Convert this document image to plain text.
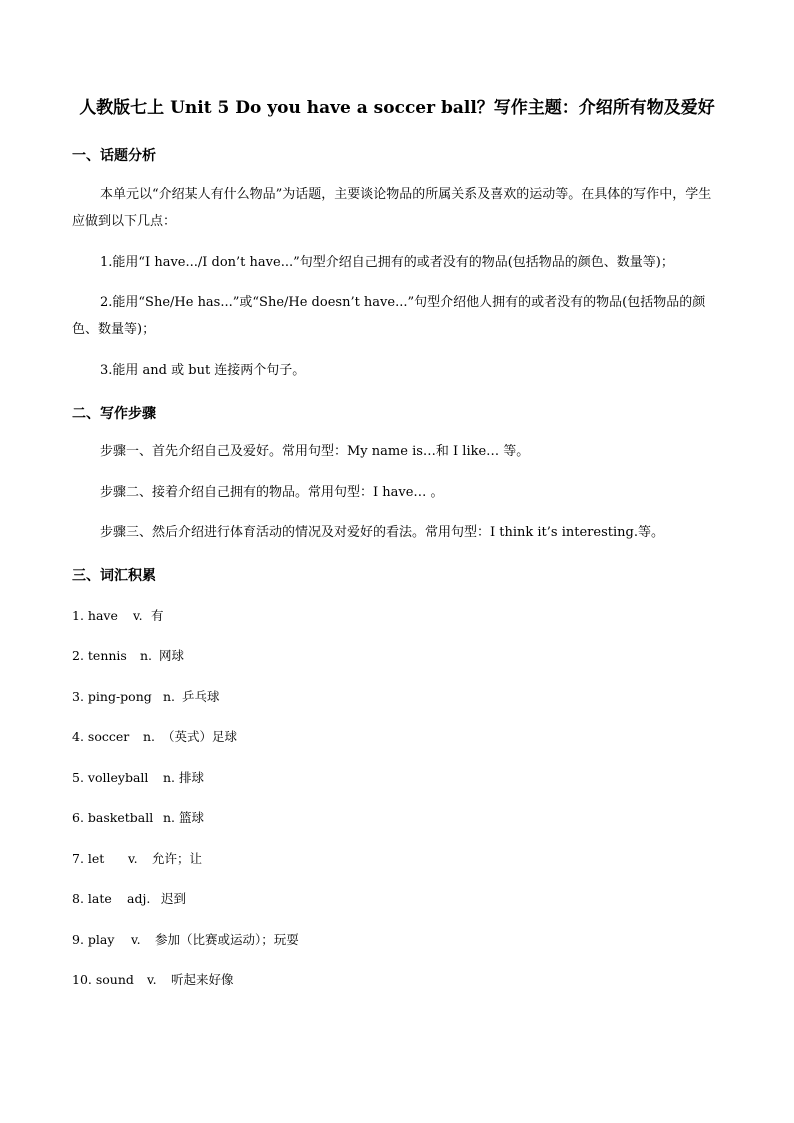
人教版七上 Unit 5 Do you have a soccer ball？写作主题：介绍所有物及爱好
一、话题分析
本单元以“介绍某人有什么物品”为话题，主要谈论物品的所属关系及喜欢的运动等。在具体的写作中，学生应做到以下几点：
1.能用“I have.../I don’t have...”句型介绍自己拥有的或者没有的物品(包括物品的颜色、数量等)；
2.能用“She/He has...”或“She/He doesn’t have...”句型介绍他人拥有的或者没有的物品(包括物品的颜色、数量等)；
3.能用 and 或 but 连接两个句子。
二、写作步骤
步骤一、首先介绍自己及爱好。常用句型：My name is…和 I like… 等。
步骤二、接着介绍自己拥有的物品。常用句型：I have… 。
步骤三、然后介绍进行体育活动的情况及对爱好的看法。常用句型：I think it’s interesting.等。
三、词汇积累
1. have v. 有
2. tennis n. 网球
3. ping-pong n. 乒乓球
4. soccer n. （英式）足球
5. volleyball n. 排球
6. basketball n. 篮球
7. let v. 允许；让
8. late adj. 迟到
9. play v. 参加（比赛或运动）；玩耍
10. sound v. 听起来好像
